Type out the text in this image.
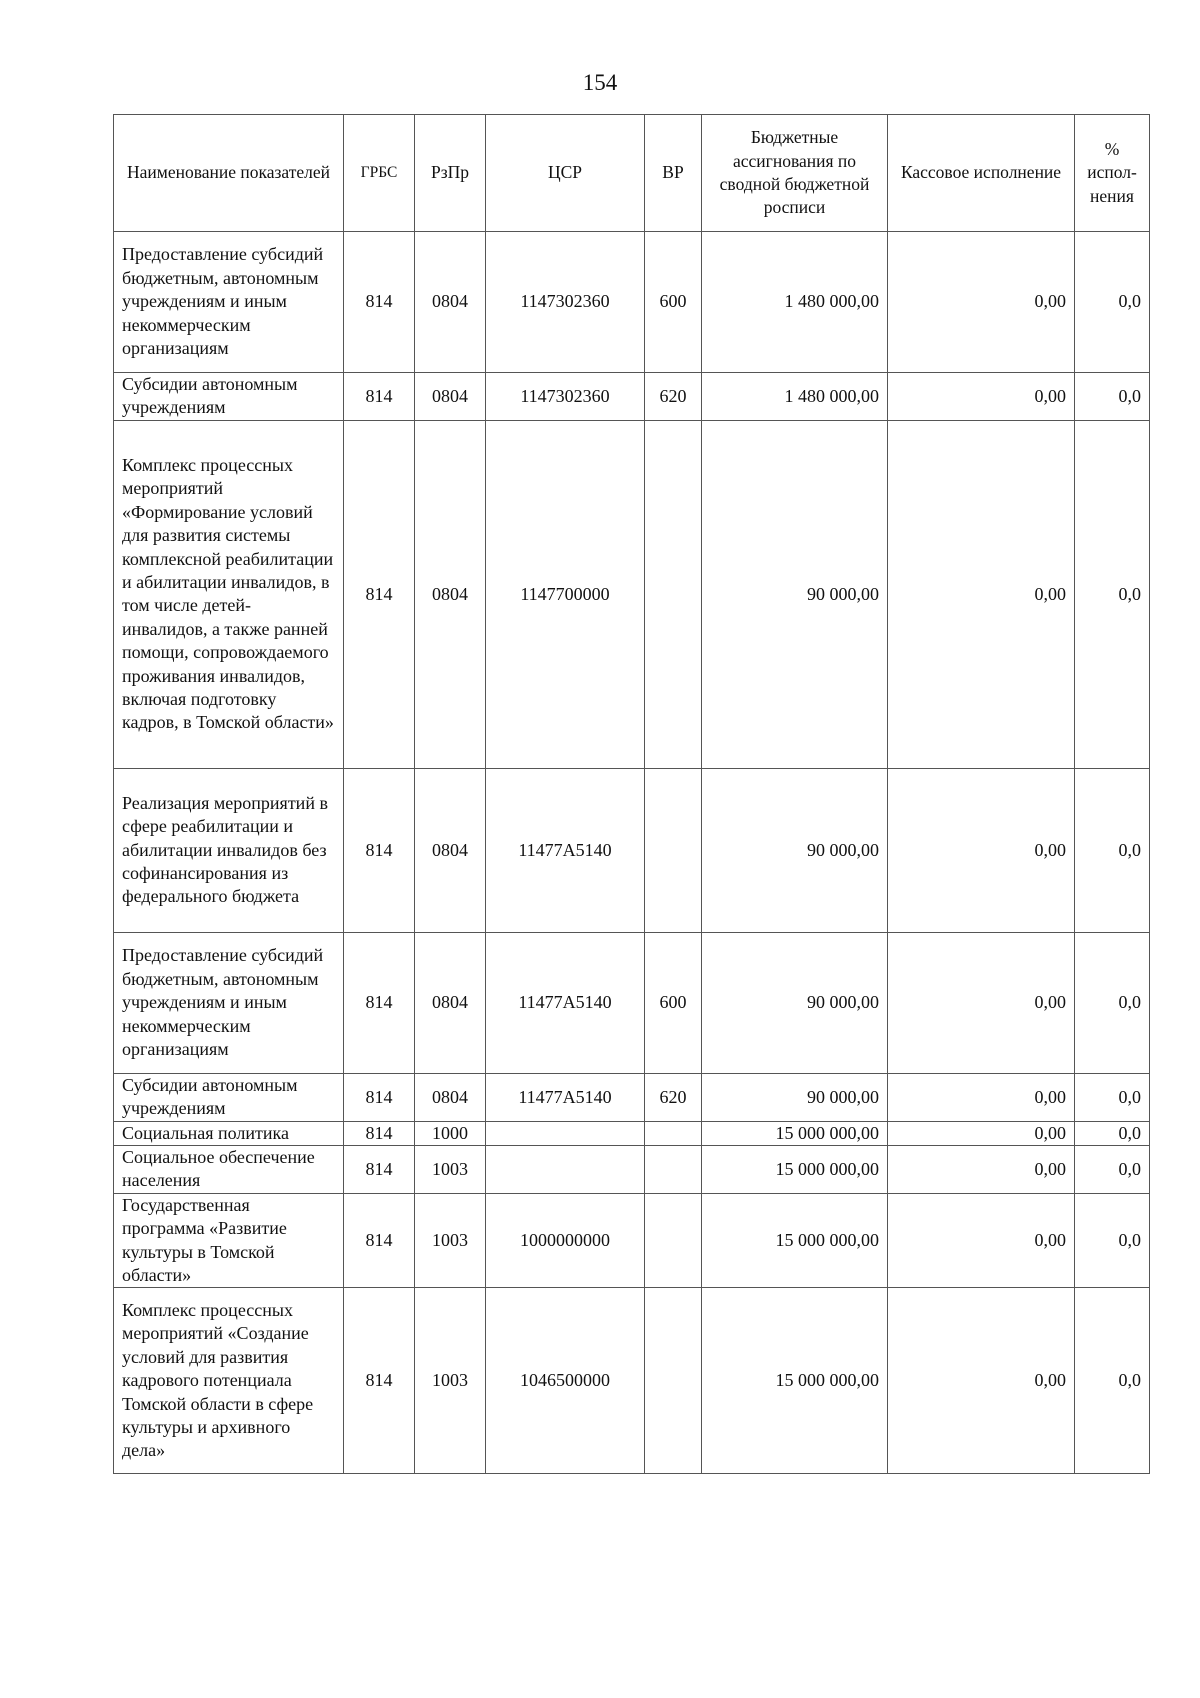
154
Наименование показателей	ГРБС	РзПр	ЦСР	ВР	Бюджетные ассигнования по сводной бюджетной росписи	Кассовое исполнение	% испол-нения
Предоставление субсидий бюджетным, автономным учреждениям и иным некоммерческим организациям	814	0804	1147302360	600	1 480 000,00	0,00	0,0
Субсидии автономным учреждениям	814	0804	1147302360	620	1 480 000,00	0,00	0,0
Комплекс процессных мероприятий «Формирование условий для развития системы комплексной реабилитации и абилитации инвалидов, в том числе детей-инвалидов, а также ранней помощи, сопровождаемого проживания инвалидов, включая подготовку кадров, в Томской области»	814	0804	1147700000		90 000,00	0,00	0,0
Реализация мероприятий в сфере реабилитации и абилитации инвалидов без софинансирования из федерального бюджета	814	0804	11477А5140		90 000,00	0,00	0,0
Предоставление субсидий бюджетным, автономным учреждениям и иным некоммерческим организациям	814	0804	11477А5140	600	90 000,00	0,00	0,0
Субсидии автономным учреждениям	814	0804	11477А5140	620	90 000,00	0,00	0,0
Социальная политика	814	1000			15 000 000,00	0,00	0,0
Социальное обеспечение населения	814	1003			15 000 000,00	0,00	0,0
Государственная программа «Развитие культуры в Томской области»	814	1003	1000000000		15 000 000,00	0,00	0,0
Комплекс процессных мероприятий «Создание условий для развития кадрового потенциала Томской области в сфере культуры и архивного дела»	814	1003	1046500000		15 000 000,00	0,00	0,0
